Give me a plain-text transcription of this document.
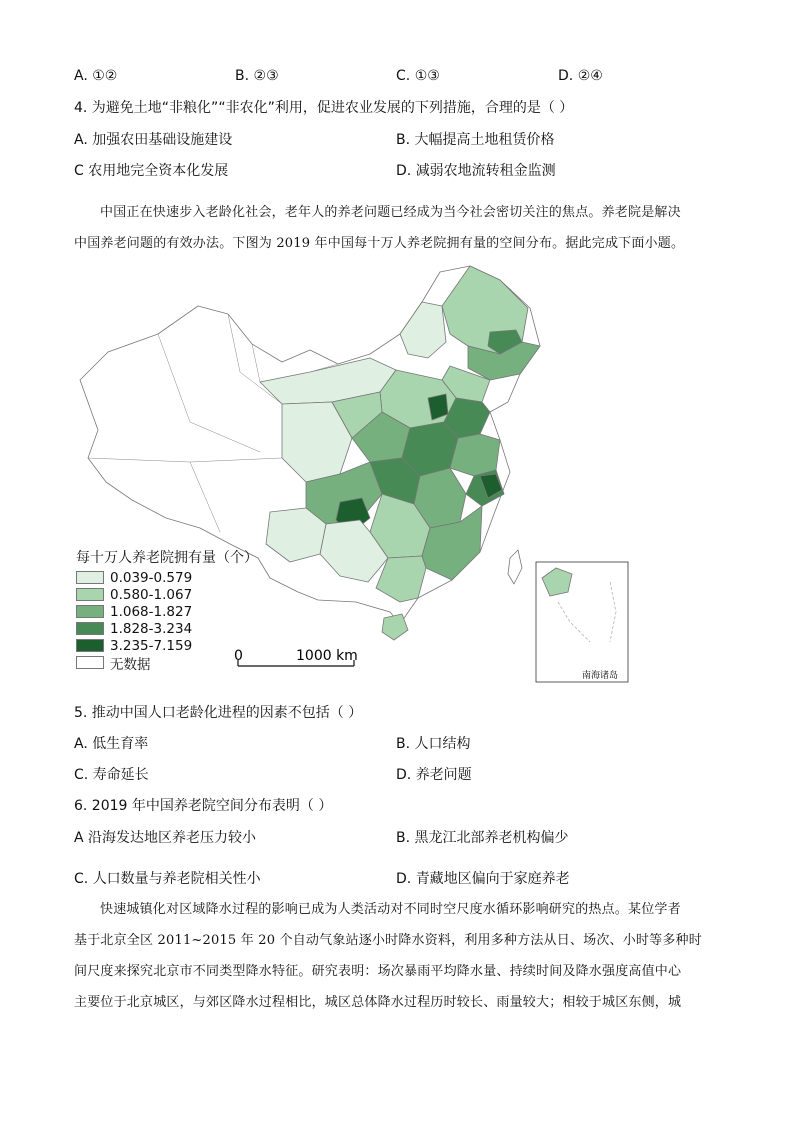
A. ①②	B. ②③	C. ①③	D. ②④
4. 为避免土地“非粮化”“非农化”利用，促进农业发展的下列措施，合理的是（ ）
A. 加强农田基础设施建设	B. 大幅提高土地租赁价格
C 农用地完全资本化发展	D. 减弱农地流转租金监测
中国正在快速步入老龄化社会，老年人的养老问题已经成为当今社会密切关注的焦点。养老院是解决
中国养老问题的有效办法。下图为 2019 年中国每十万人养老院拥有量的空间分布。据此完成下面小题。
南海诸岛
0	1000 km
每十万人养老院拥有量（个）
0.039-0.579
0.580-1.067
1.068-1.827
1.828-3.234
3.235-7.159
无数据
5. 推动中国人口老龄化进程的因素不包括（ ）
A. 低生育率	B. 人口结构
C. 寿命延长	D. 养老问题
6. 2019 年中国养老院空间分布表明（ ）
A 沿海发达地区养老压力较小	B. 黑龙江北部养老机构偏少
C. 人口数量与养老院相关性小	D. 青藏地区偏向于家庭养老
快速城镇化对区域降水过程的影响已成为人类活动对不同时空尺度水循环影响研究的热点。某位学者
基于北京全区 2011~2015 年 20 个自动气象站逐小时降水资料，利用多种方法从日、场次、小时等多种时
间尺度来探究北京市不同类型降水特征。研究表明：场次暴雨平均降水量、持续时间及降水强度高值中心
主要位于北京城区，与郊区降水过程相比，城区总体降水过程历时较长、雨量较大；相较于城区东侧，城
